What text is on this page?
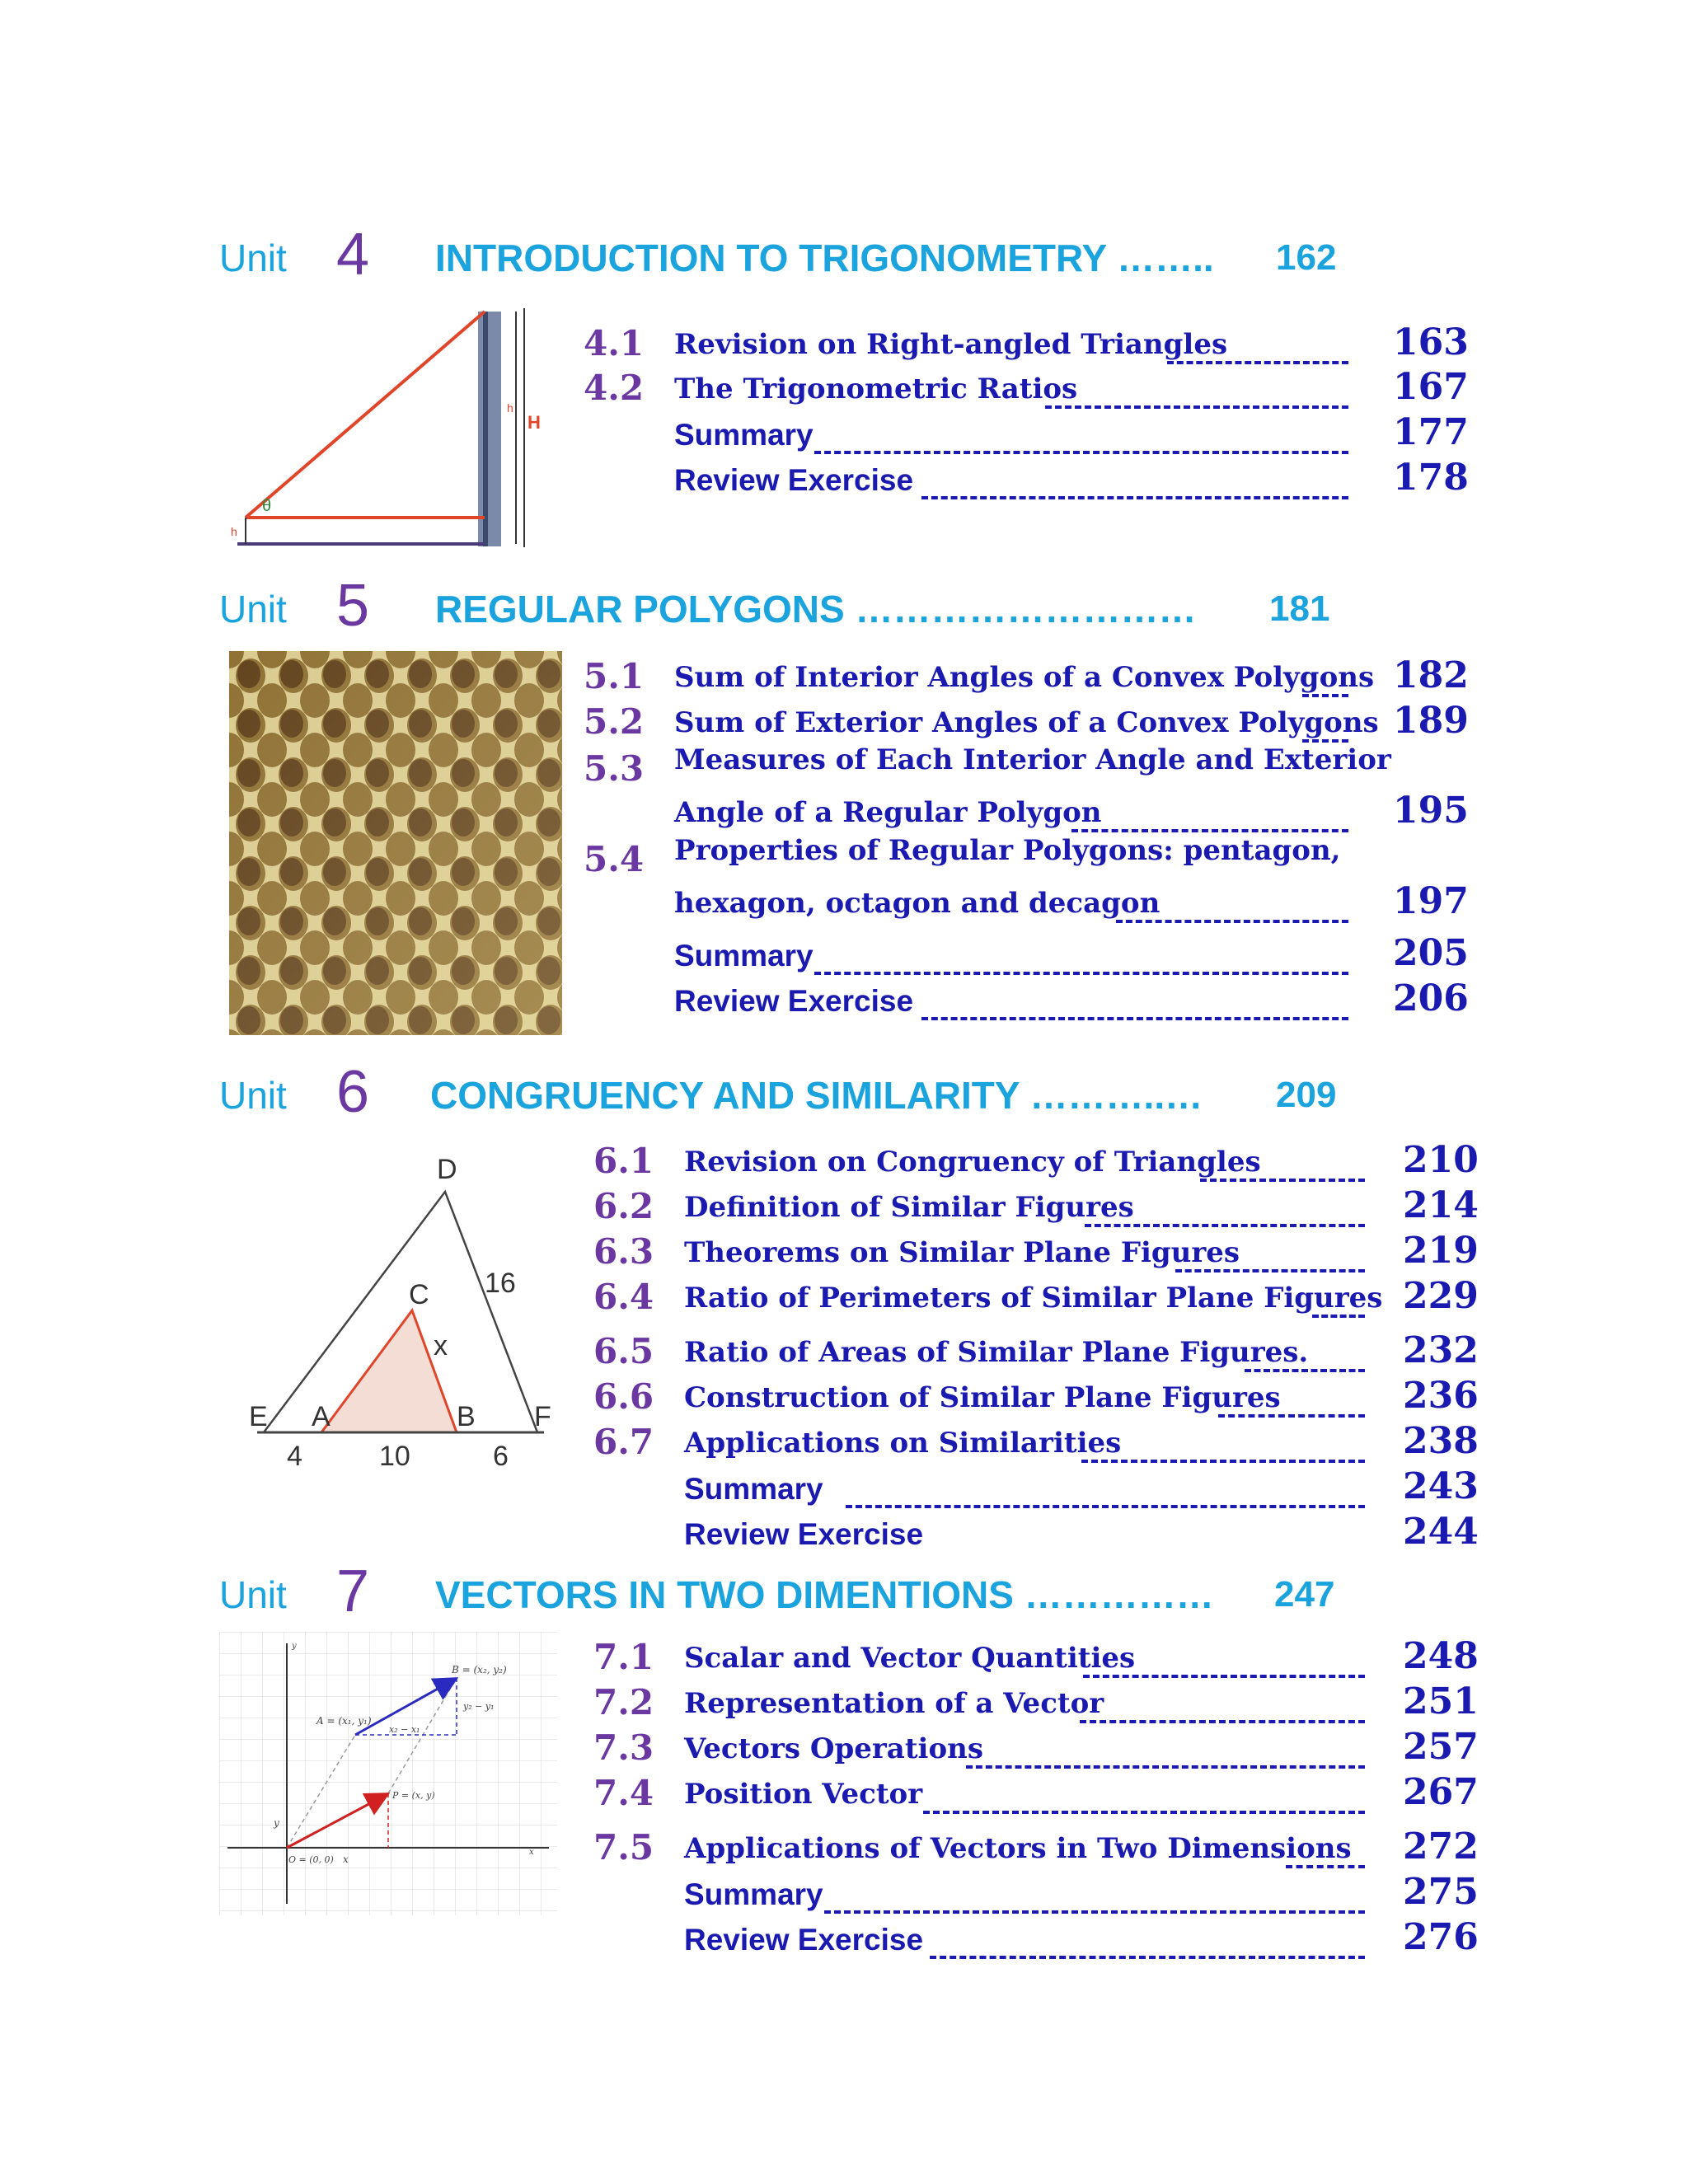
Unit 4 INTRODUCTION TO TRIGONOMETRY …….. 162
θ
H
h
h
4.1 Revision on Right-angled Triangles	163
4.2 The Trigonometric Ratios	167
Summary	177
Review Exercise	178
Unit 5 REGULAR POLYGONS ……………………… 181
5.1 Sum of Interior Angles of a Convex Polygons 182
5.2 Sum of Exterior Angles of a Convex Polygons 189
5.3 Measures of Each Interior Angle and Exterior
Angle of a Regular Polygon	195
5.4 Properties of Regular Polygons: pentagon,
hexagon, octagon and decagon	197
Summary	205
Review Exercise	206
Unit 6 CONGRUENCY AND SIMILARITY ………..… 209
D
C
E A	B F
16
x
4	10	6
6.1 Revision on Congruency of Triangles	210
6.2 Definition of Similar Figures	214
6.3 Theorems on Similar Plane Figures	219
6.4 Ratio of Perimeters of Similar Plane Figures 229
6.5 Ratio of Areas of Similar Plane Figures.	232
6.6 Construction of Similar Plane Figures	236
6.7 Applications on Similarities	238
Summary	243
Review Exercise	244
Unit 7 VECTORS IN TWO DIMENTIONS …………… 247
B = (x₂, y₂)
A = (x₁, y₁)
x₂ − x₁
y₂ − y₁
P = (x, y)
O = (0, 0) x
y
y
x
7.1 Scalar and Vector Quantities	248
7.2 Representation of a Vector	251
7.3 Vectors Operations	257
7.4 Position Vector	267
7.5 Applications of Vectors in Two Dimensions 272
Summary	275
Review Exercise	276
